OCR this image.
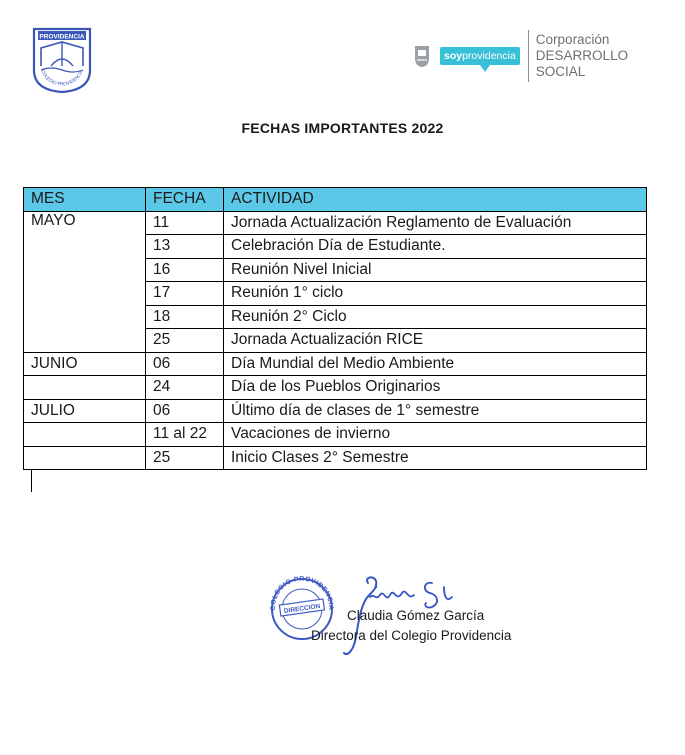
PROVIDENCIA
COLEGIO PROVIDENCIA
soyprovidencia
Corporación
DESARROLLO
SOCIAL
FECHAS IMPORTANTES 2022
MES	FECHA	ACTIVIDAD
MAYO	11	Jornada Actualización Reglamento de Evaluación
	13	Celebración Día de Estudiante.
	16	Reunión Nivel Inicial
	17	Reunión 1° ciclo
	18	Reunión 2° Ciclo
	25	Jornada Actualización RICE
JUNIO	06	Día Mundial del Medio Ambiente
	24	Día de los Pueblos Originarios
JULIO	06	Último día de clases de 1° semestre
	11 al 22	Vacaciones de invierno
	25	Inicio Clases 2° Semestre
COLEGIO PROVIDENCIA
DIRECCION Claudia Gómez García
Directora del Colegio Providencia
